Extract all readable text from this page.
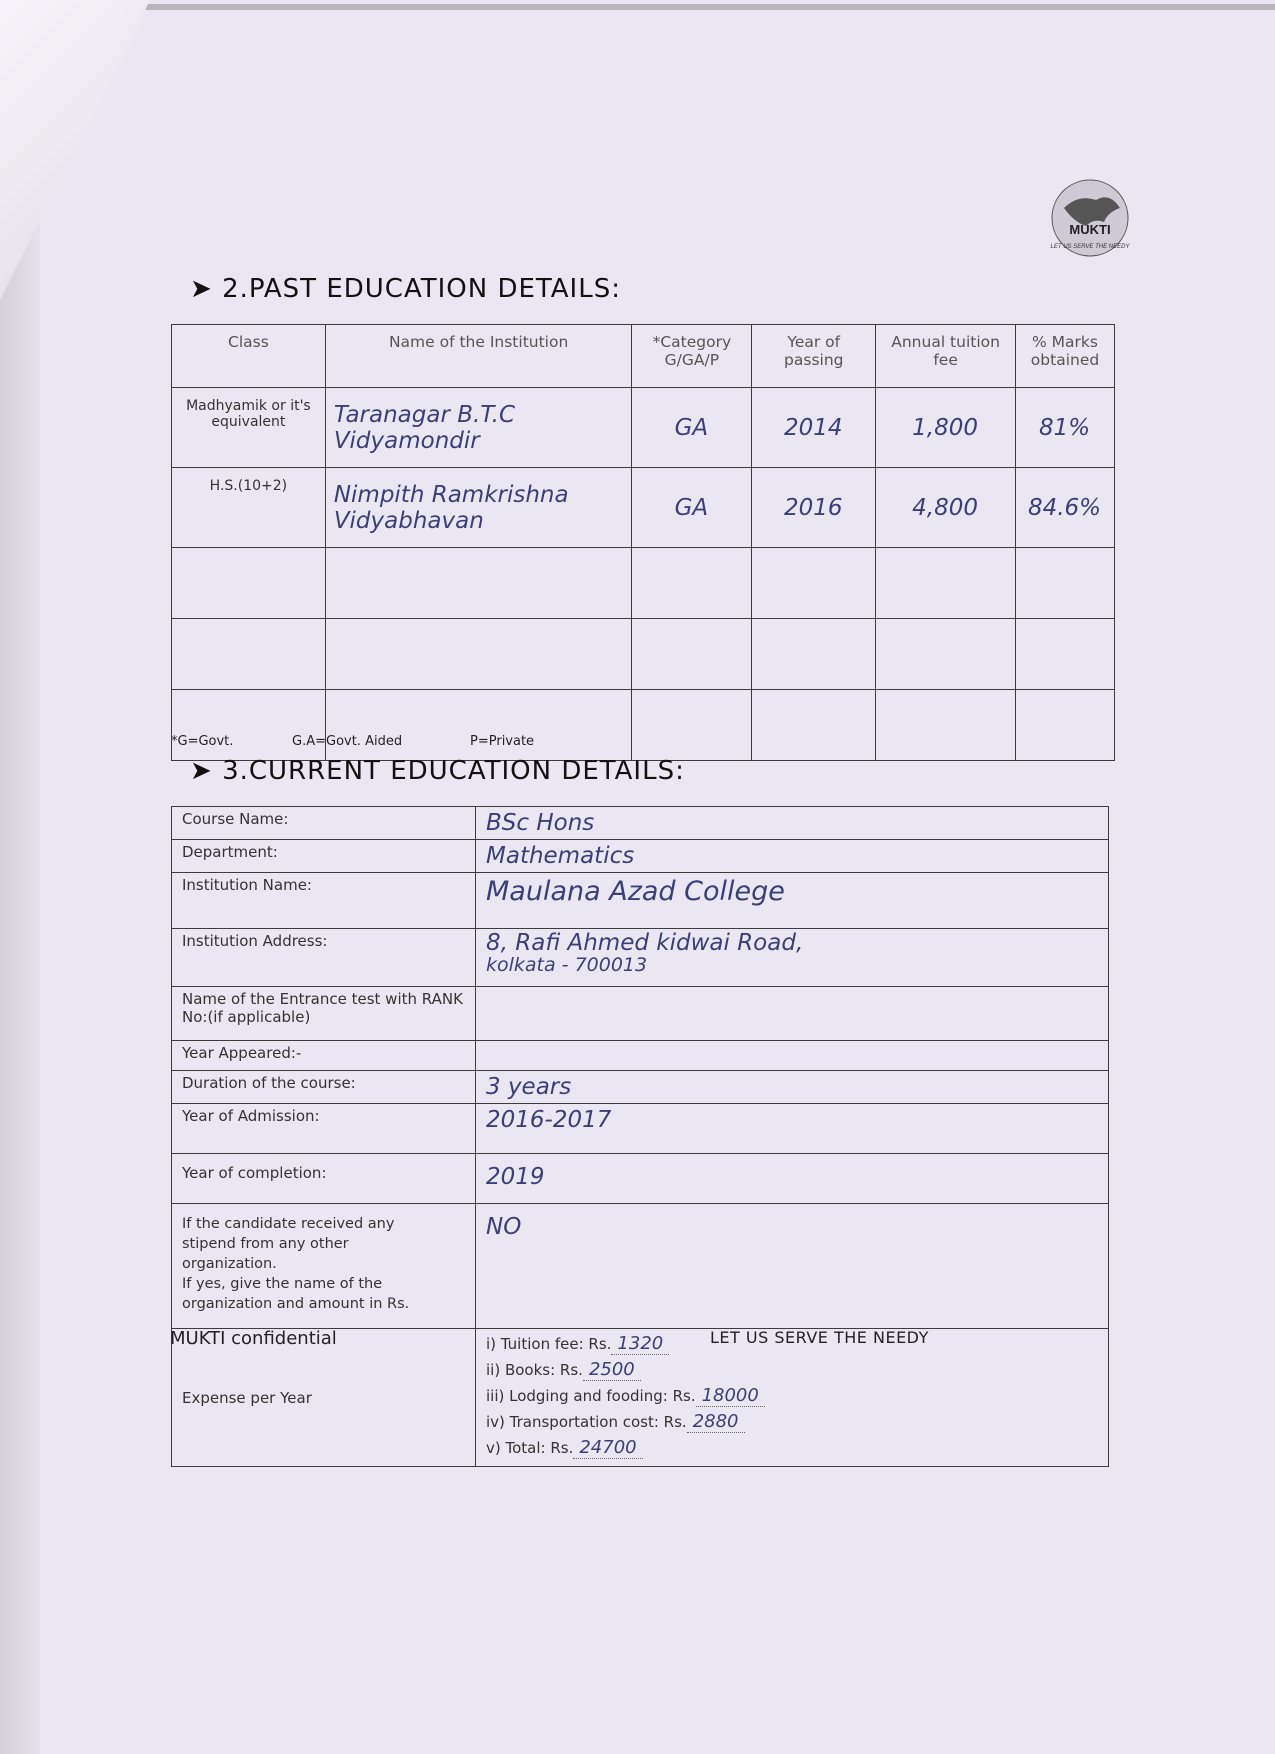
MUKTI
LET US SERVE THE NEEDY
➤ 2.PAST EDUCATION DETAILS:
Class	Name of the Institution	*Category G/GA/P	Year of passing	Annual tuition fee	% Marks obtained
Madhyamik or it's equivalent	Taranagar B.T.C Vidyamondir	GA	2014	1,800	81%
H.S.(10+2)	Nimpith Ramkrishna Vidyabhavan	GA	2016	4,800	84.6%

*G=Govt.	G.A=Govt. Aided	P=Private
➤ 3.CURRENT EDUCATION DETAILS:
Course Name:	BSc Hons
Department:	Mathematics
Institution Name:	Maulana Azad College
Institution Address:	8, Rafi Ahmed kidwai Road,
kolkata - 700013

Name of the Entrance test with RANK No:(if applicable)	
Year Appeared:-	
Duration of the course:	3 years
Year of Admission:	2016-2017
Year of completion:	2019

If the candidate received any
stipend from any other
organization.
If yes, give the name of the
organization and amount in Rs.	NO
Expense per Year	i) Tuition fee: Rs. 1320
ii) Books: Rs. 2500
iii) Lodging and fooding: Rs. 18000
iv) Transportation cost: Rs. 2880
v) Total: Rs. 24700
MUKTI confidential	LET US SERVE THE NEEDY
